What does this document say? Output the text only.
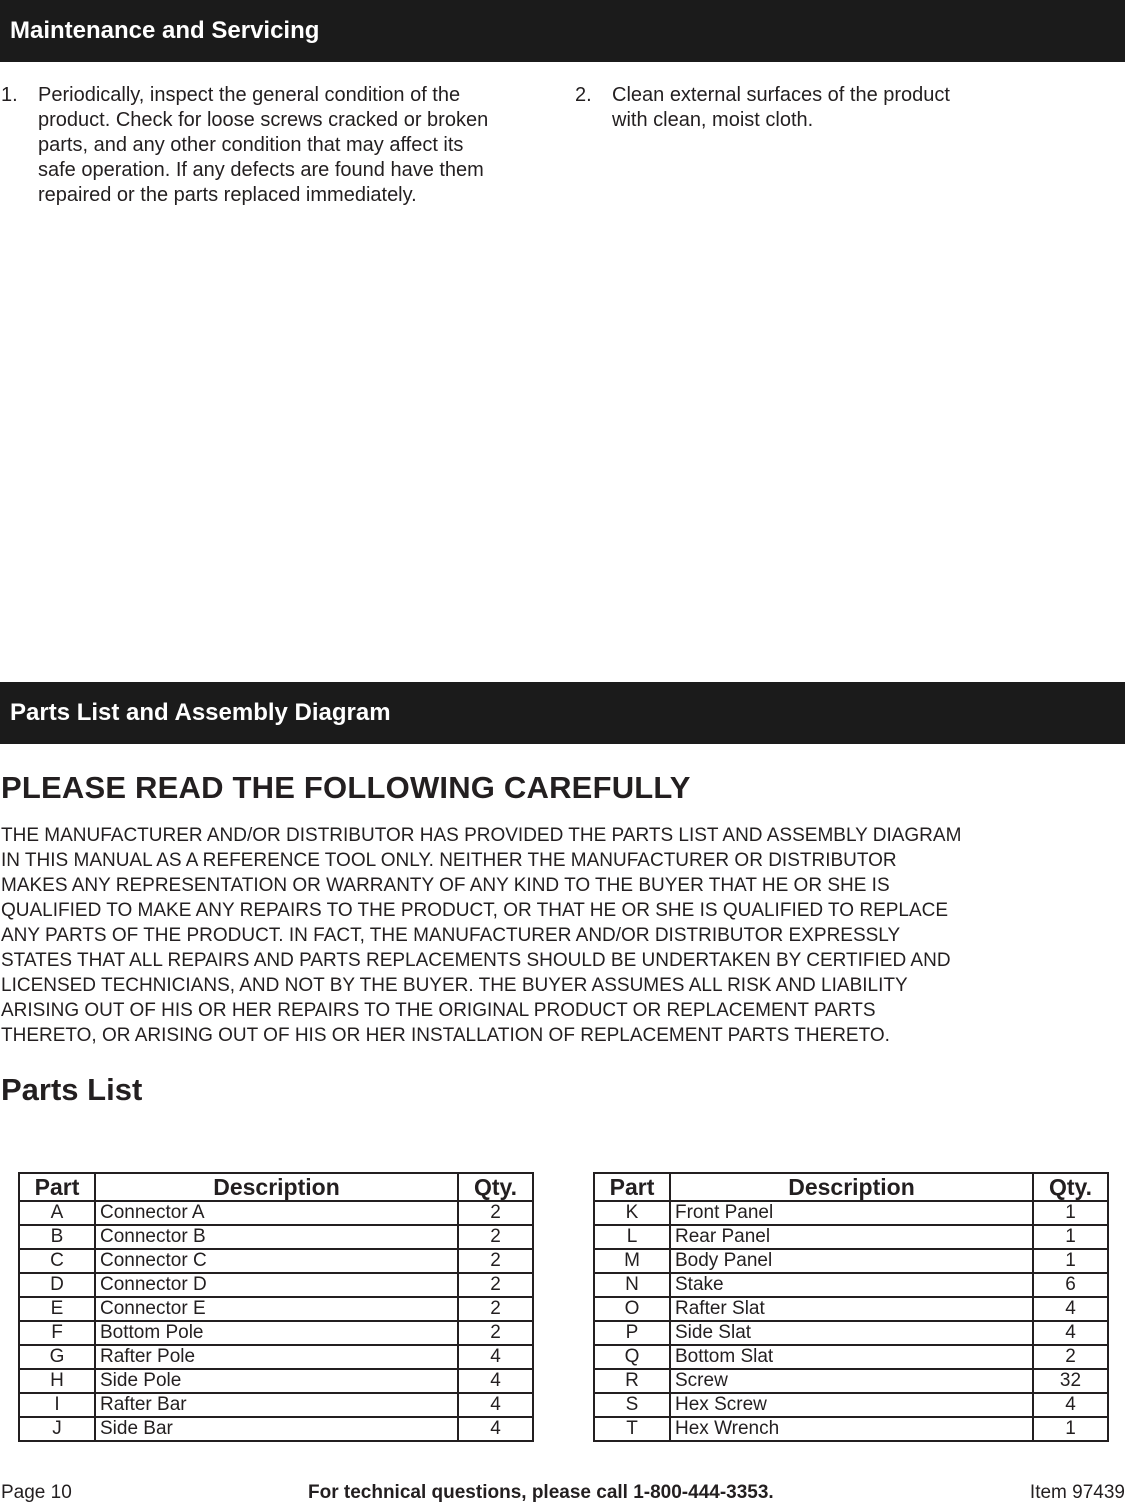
Maintenance and Servicing
1. Periodically, inspect the general condition of the
product. Check for loose screws cracked or broken
parts, and any other condition that may affect its
safe operation. If any defects are found have them
repaired or the parts replaced immediately.
2. Clean external surfaces of the product
with clean, moist cloth.
Parts List and Assembly Diagram
PLEASE READ THE FOLLOWING CAREFULLY
THE MANUFACTURER AND/OR DISTRIBUTOR HAS PROVIDED THE PARTS LIST AND ASSEMBLY DIAGRAM
IN THIS MANUAL AS A REFERENCE TOOL ONLY. NEITHER THE MANUFACTURER OR DISTRIBUTOR
MAKES ANY REPRESENTATION OR WARRANTY OF ANY KIND TO THE BUYER THAT HE OR SHE IS
QUALIFIED TO MAKE ANY REPAIRS TO THE PRODUCT, OR THAT HE OR SHE IS QUALIFIED TO REPLACE
ANY PARTS OF THE PRODUCT. IN FACT, THE MANUFACTURER AND/OR DISTRIBUTOR EXPRESSLY
STATES THAT ALL REPAIRS AND PARTS REPLACEMENTS SHOULD BE UNDERTAKEN BY CERTIFIED AND
LICENSED TECHNICIANS, AND NOT BY THE BUYER. THE BUYER ASSUMES ALL RISK AND LIABILITY
ARISING OUT OF HIS OR HER REPAIRS TO THE ORIGINAL PRODUCT OR REPLACEMENT PARTS
THERETO, OR ARISING OUT OF HIS OR HER INSTALLATION OF REPLACEMENT PARTS THERETO.
Parts List
Part	Description	Qty.
A	Connector A	2
B	Connector B	2
C	Connector C	2
D	Connector D	2
E	Connector E	2
F	Bottom Pole	2
G	Rafter Pole	4
H	Side Pole	4
I	Rafter Bar	4
J	Side Bar	4
Part	Description	Qty.
K	Front Panel	1
L	Rear Panel	1
M	Body Panel	1
N	Stake	6
O	Rafter Slat	4
P	Side Slat	4
Q	Bottom Slat	2
R	Screw	32
S	Hex Screw	4
T	Hex Wrench	1
Page 10	For technical questions, please call 1-800-444-3353.	Item 97439
